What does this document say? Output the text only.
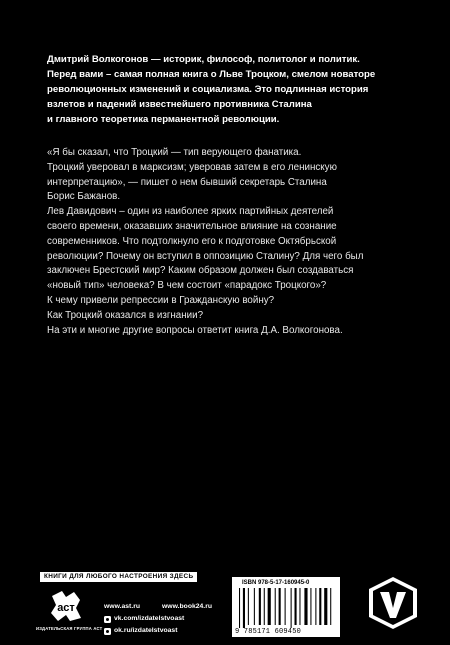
Дмитрий Волкогонов — историк, философ, политолог и политик.
Перед вами – самая полная книга о Льве Троцком, смелом новаторе
революционных изменений и социализма. Это подлинная история
взлетов и падений известнейшего противника Сталина
и главного теоретика перманентной революции.

«Я бы сказал, что Троцкий — тип верующего фанатика.
Троцкий уверовал в марксизм; уверовав затем в его ленинскую
интерпретацию», — пишет о нем бывший секретарь Сталина
Борис Бажанов.
Лев Давидович – один из наиболее ярких партийных деятелей
своего времени, оказавших значительное влияние на сознание
современников. Что подтолкнуло его к подготовке Октябрьской
революции? Почему он вступил в оппозицию Сталину? Для чего был
заключен Брестский мир? Каким образом должен был создаваться
«новый тип» человека? В чем состоит «парадокс Троцкого»?
К чему привели репрессии в Гражданскую войну?
Как Троцкий оказался в изгнании?
На эти и многие другие вопросы ответит книга Д.А. Волкогонова.

КНИГИ ДЛЯ ЛЮБОГО НАСТРОЕНИЯ ЗДЕСЬ
аст
ИЗДАТЕЛЬСКАЯ ГРУППА АСТ
www.ast.ru	www.book24.ru
vk.com/izdatelstvoast
ok.ru/izdatelstvoast
ISBN 978-5-17-160945-0
9 785171 609450
